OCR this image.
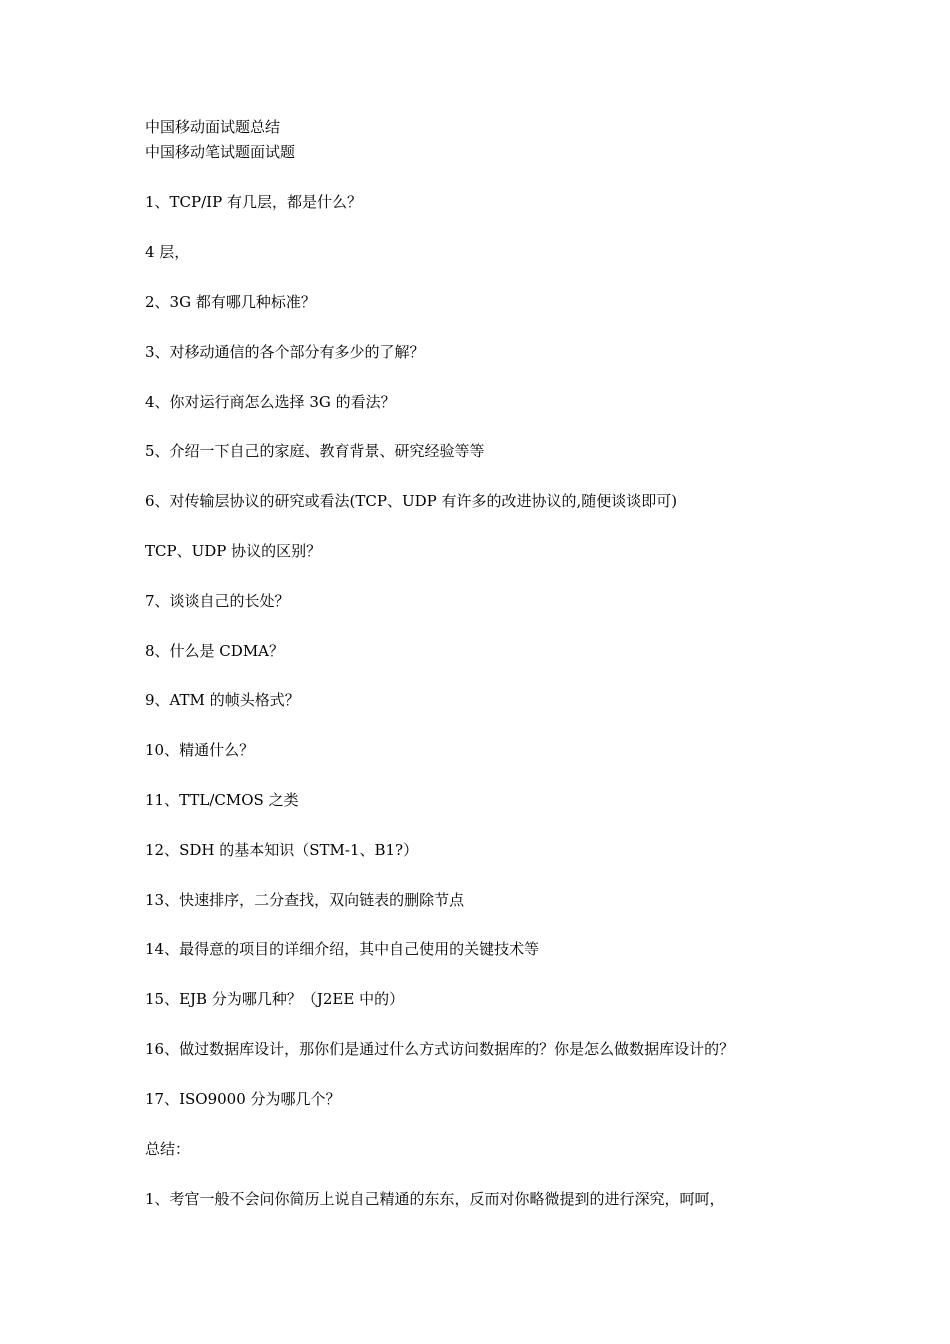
中国移动面试题总结
中国移动笔试题面试题
1、TCP/IP 有几层，都是什么？
4 层，
2、3G 都有哪几种标准？
3、对移动通信的各个部分有多少的了解？
4、你对运行商怎么选择 3G 的看法？
5、介绍一下自己的家庭、教育背景、研究经验等等
6、对传输层协议的研究或看法(TCP、UDP 有许多的改进协议的,随便谈谈即可)
TCP、UDP 协议的区别？
7、谈谈自己的长处？
8、什么是 CDMA？
9、ATM 的帧头格式？
10、精通什么？
11、TTL/CMOS 之类
12、SDH 的基本知识（STM-1、B1?）
13、快速排序，二分查找，双向链表的删除节点
14、最得意的项目的详细介绍，其中自己使用的关键技术等
15、EJB 分为哪几种？（J2EE 中的）
16、做过数据库设计，那你们是通过什么方式访问数据库的？你是怎么做数据库设计的？
17、ISO9000 分为哪几个？
总结：
1、考官一般不会问你简历上说自己精通的东东，反而对你略微提到的进行深究，呵呵，
